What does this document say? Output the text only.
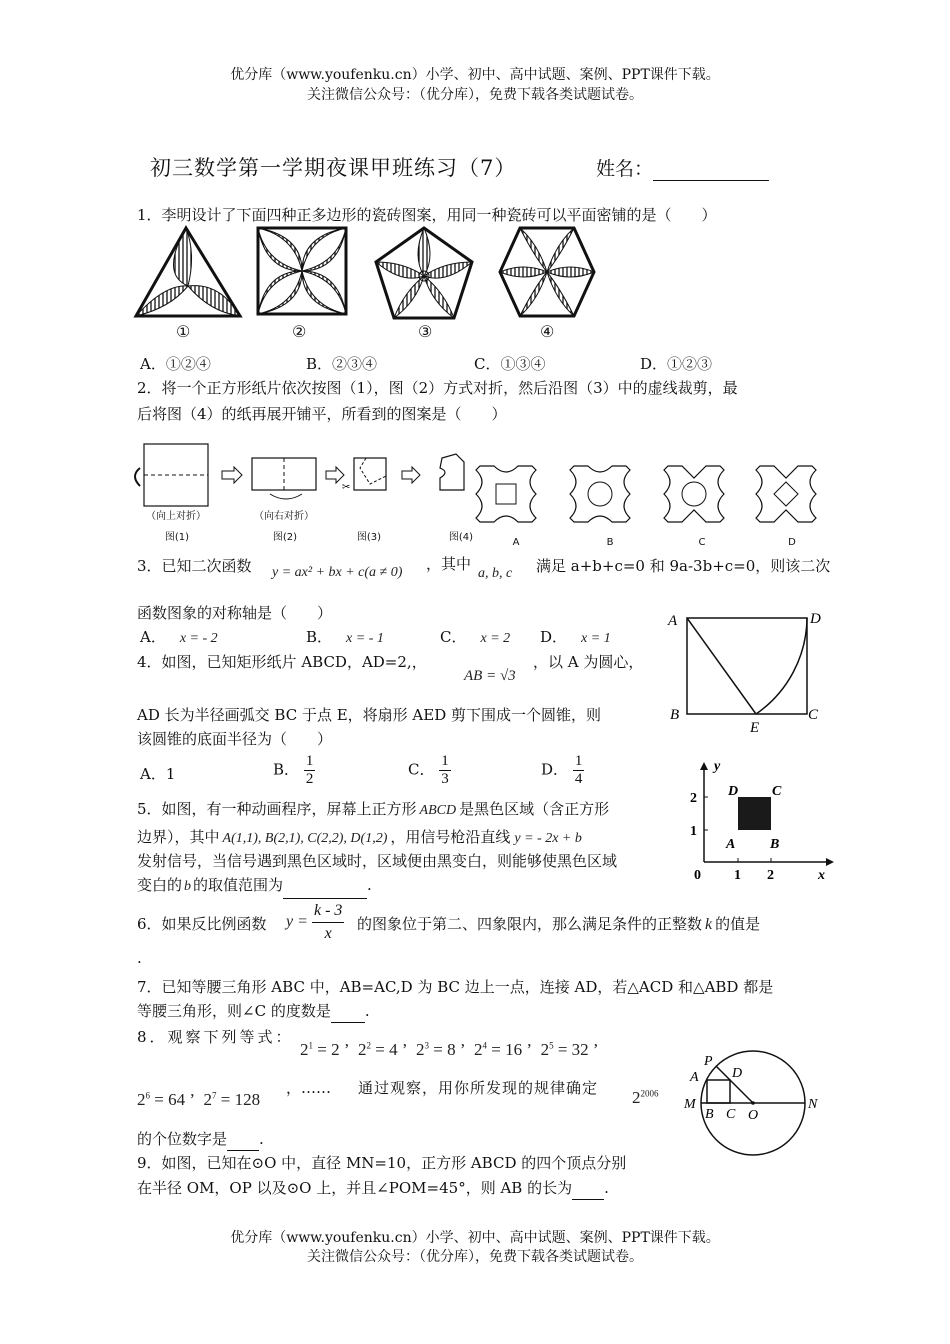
优分库（www.youfenku.cn）小学、初中、高中试题、案例、PPT课件下载。
关注微信公众号：（优分库），免费下载各类试题试卷。
初三数学第一学期夜课甲班练习（7）	姓名：
1．李明设计了下面四种正多边形的瓷砖图案，用同一种瓷砖可以平面密铺的是（　　）
①	②	③	④
A．①②④	B．②③④	C．①③④	D．①②③
2．将一个正方形纸片依次按图（1），图（2）方式对折，然后沿图（3）中的虚线裁剪，最
后将图（4）的纸再展开铺平，所看到的图案是（　　）
✂
（向上对折）	（向右对折）
图(1)	图(2)	图(3)	图(4)	A	B	C	D
3．已知二次函数 y = ax² + bx + c(a ≠ 0) ，其中
a, b, c 满足 a+b+c=0 和 9a-3b+c=0，则该二次
函数图象的对称轴是（　　）
A． x = - 2	B． x = - 1	C． x = 2 D． x = 1
A	D
B	C
E
4．如图，已知矩形纸片 ABCD，AD=2,，
AB = √3
，以 A 为圆心，
AD 长为半径画弧交 BC 于点 E，将扇形 AED 剪下围成一个圆锥，则
该圆锥的底面半径为（　　）
A．1	B． $\frac{1}{2}$	C． $\frac{1}{3}$	D． $\frac{1}{4}$	y
x
2
1
0 1 2
D C
A B
5．如图，有一种动画程序，屏幕上正方形 ABCD 是黑色区域（含正方形
边界），其中 A(1,1), B(2,1), C(2,2), D(1,2) ，用信号枪沿直线 y = - 2x + b
发射信号，当信号遇到黑色区域时，区域便由黑变白，则能够使黑色区域
变白的 b 的取值范围为	.
6．如果反比例函数 $y = \frac{k - 3}{x}$ 的图象位于第二、四象限内，那么满足条件的正整数 k 的值是
.
7．已知等腰三角形 ABC 中，AB=AC,D 为 BC 边上一点，连接 AD，若△ACD 和△ABD 都是
等腰三角形，则∠C 的度数是 .
8．观察下列等式：
$2^1 = 2$ ’  $2^2 = 4$ ’  $2^3 = 8$ ’  $2^4 = 16$ ’  $2^5 = 32$ ’
$2^6 = 64$ ’  $2^7 = 128$
，…… 通过观察，用你所发现的规律确定 $2^{2006}$
的个位数字是 .
P
A D
M
B C O
N
9．如图，已知在⊙O 中，直径 MN=10，正方形 ABCD 的四个顶点分别
在半径 OM，OP 以及⊙O 上，并且∠POM=45°，则 AB 的长为 .
优分库（www.youfenku.cn）小学、初中、高中试题、案例、PPT课件下载。
关注微信公众号：（优分库），免费下载各类试题试卷。
